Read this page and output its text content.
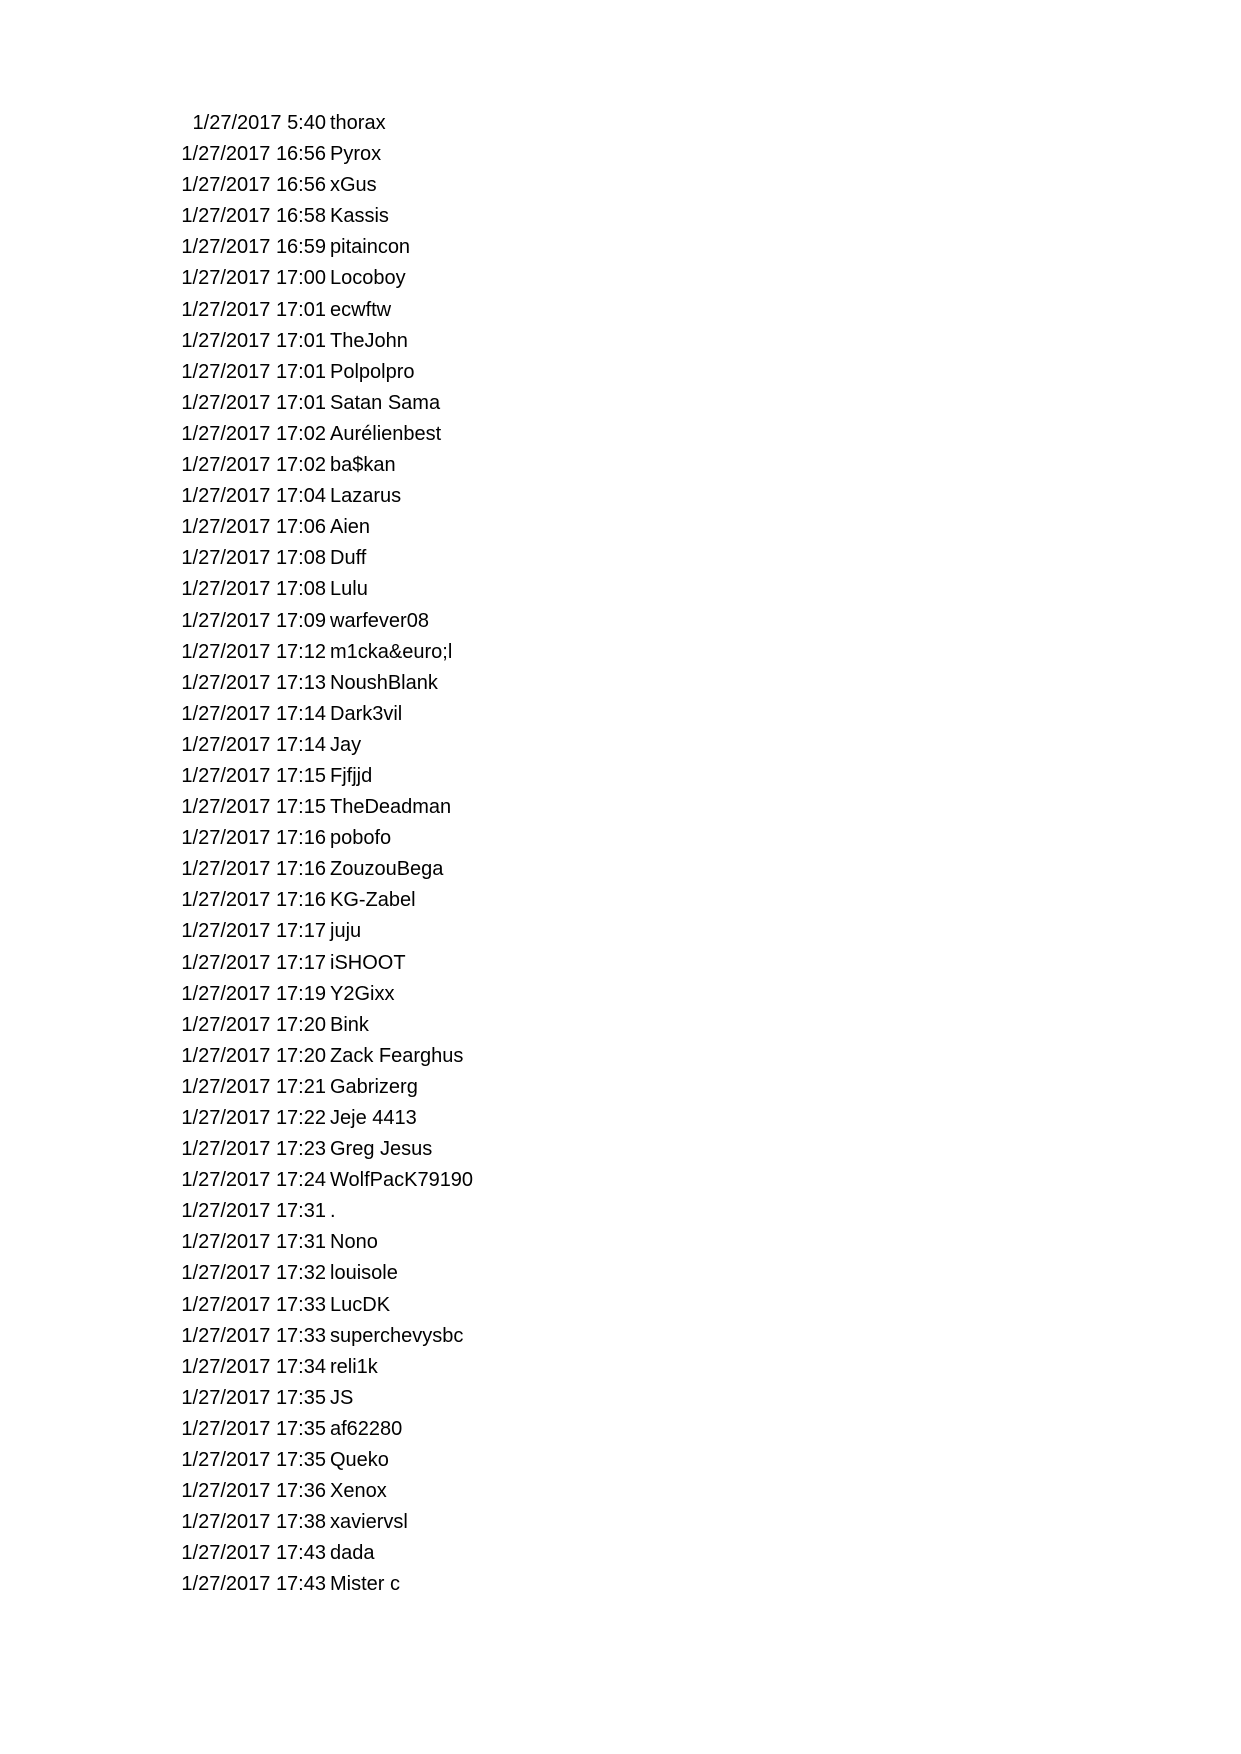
1/27/2017 5:40 thorax
1/27/2017 16:56 Pyrox
1/27/2017 16:56 xGus
1/27/2017 16:58 Kassis
1/27/2017 16:59 pitaincon
1/27/2017 17:00 Locoboy
1/27/2017 17:01 ecwftw
1/27/2017 17:01 TheJohn
1/27/2017 17:01 Polpolpro
1/27/2017 17:01 Satan Sama
1/27/2017 17:02 Aurélienbest
1/27/2017 17:02 ba$kan
1/27/2017 17:04 Lazarus
1/27/2017 17:06 Aien
1/27/2017 17:08 Duff
1/27/2017 17:08 Lulu
1/27/2017 17:09 warfever08
1/27/2017 17:12 m1cka&euro;l
1/27/2017 17:13 NoushBlank
1/27/2017 17:14 Dark3vil
1/27/2017 17:14 Jay
1/27/2017 17:15 Fjfjjd
1/27/2017 17:15 TheDeadman
1/27/2017 17:16 pobofo
1/27/2017 17:16 ZouzouBega
1/27/2017 17:16 KG-Zabel
1/27/2017 17:17 juju
1/27/2017 17:17 iSHOOT
1/27/2017 17:19 Y2Gixx
1/27/2017 17:20 Bink
1/27/2017 17:20 Zack Fearghus
1/27/2017 17:21 Gabrizerg
1/27/2017 17:22 Jeje 4413
1/27/2017 17:23 Greg Jesus
1/27/2017 17:24 WolfPacK79190
1/27/2017 17:31 .
1/27/2017 17:31 Nono
1/27/2017 17:32 louisole
1/27/2017 17:33 LucDK
1/27/2017 17:33 superchevysbc
1/27/2017 17:34 reli1k
1/27/2017 17:35 JS
1/27/2017 17:35 af62280
1/27/2017 17:35 Queko
1/27/2017 17:36 Xenox
1/27/2017 17:38 xaviervsl
1/27/2017 17:43 dada
1/27/2017 17:43 Mister c
